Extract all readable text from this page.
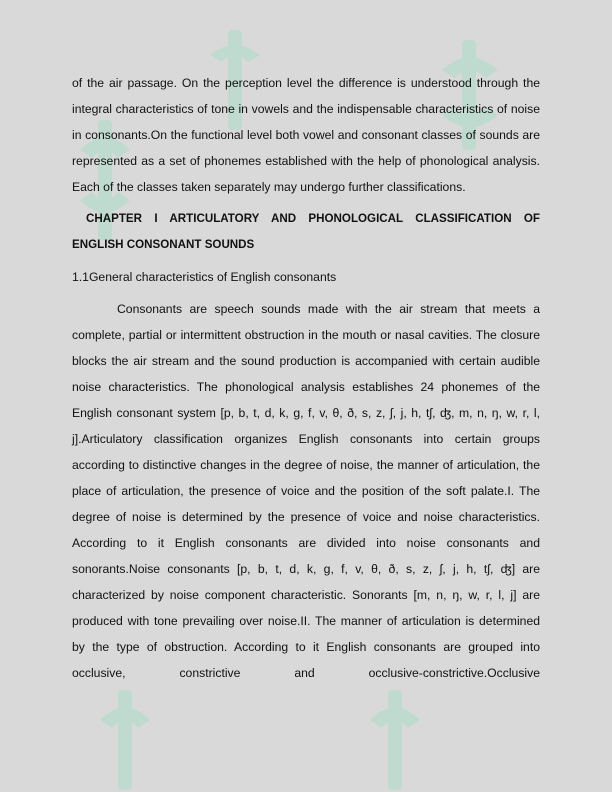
of the air passage. On the perception level the difference is understood through the integral characteristics of tone in vowels and the indispensable characteristics of noise in consonants.On the functional level both vowel and consonant classes of sounds are represented as a set of phonemes established with the help of phonological analysis. Each of the classes taken separately may undergo further classifications.

CHAPTER I ARTICULATORY AND PHONOLOGICAL CLASSIFICATION OF ENGLISH CONSONANT SOUNDS

1.1General characteristics of English consonants

Consonants are speech sounds made with the air stream that meets a complete, partial or intermittent obstruction in the mouth or nasal cavities. The closure blocks the air stream and the sound production is accompanied with certain audible noise characteristics. The phonological analysis establishes 24 phonemes of the English consonant system [p, b, t, d, k, g, f, v, θ, ð, s, z, ʃ, j, h, tʃ, ʤ, m, n, ŋ, w, r, l, j].Articulatory classification organizes English consonants into certain groups according to distinctive changes in the degree of noise, the manner of articulation, the place of articulation, the presence of voice and the position of the soft palate.I. The degree of noise is determined by the presence of voice and noise characteristics. According to it English consonants are divided into noise consonants and sonorants.Noise consonants [p, b, t, d, k, g, f, v, θ, ð, s, z, ʃ, j, h, tʃ, ʤ] are characterized by noise component characteristic. Sonorants [m, n, ŋ, w, r, l, j] are produced with tone prevailing over noise.II. The manner of articulation is determined by the type of obstruction. According to it English consonants are grouped into occlusive, constrictive and occlusive-constrictive.Occlusive
